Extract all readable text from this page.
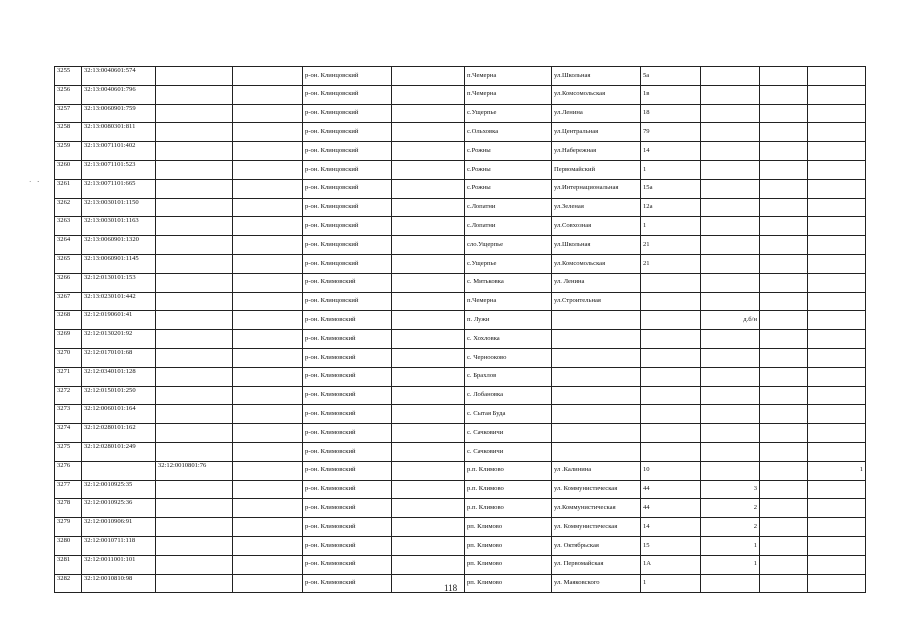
3255	32:13:0040601:574			р-он. Клинцовский		п.Чемерна	ул.Школьная	5а			
3256	32:13:0040601:796			р-он. Клинцовский		п.Чемерна	ул.Комсомольская	1в			
3257	32:13:0060901:759			р-он. Клинцовский		с.Ущерпье	ул.Ленина	18			
3258	32:13:0080301:811			р-он. Клинцовский		с.Ольховка	ул.Центральная	79			
3259	32:13:0071101:402			р-он. Клинцовский		с.Рожны	ул.Набережная	14			
3260	32:13:0071101:523			р-он. Клинцовский		с.Рожны	Первомайский	1			
3261	32:13:0071101:665			р-он. Клинцовский		с.Рожны	ул.Интернациональная	15а			
3262	32:13:0030101:1150			р-он. Клинцовский		с.Лопатни	ул.Зеленая	12а			
3263	32:13:0030101:1163			р-он. Клинцовский		с.Лопатни	ул.Совхозная	1			
3264	32:13:0060901:1320			р-он. Клинцовский		сло.Ущерпье	ул.Школьная	21			
3265	32:13:0060901:1145			р-он. Клинцовский		с.Ущерпье	ул.Комсомольская	21			
3266	32:12:0130101:153			р-он. Климовский		с. Митьковка	ул. Ленина				
3267	32:13:0230101:442			р-он. Клинцовский		п.Чемерна	ул.Строительная				
3268	32:12:0190601:41			р-он. Климовский		п. Лужи			д.б/н		
3269	32:12:0130201:92			р-он. Климовский		с. Хохловка					
3270	32:12:0170101:68			р-он. Климовский		с. Чернооково					
3271	32:12:0340101:128			р-он. Климовский		с. Брахлов					
3272	32:12:0150101:250			р-он. Климовский		с. Лобановка					
3273	32:12:0060101:164			р-он. Климовский		с. Сытая Буда					
3274	32:12:0280101:162			р-он. Климовский		с. Сачковичи					
3275	32:12:0280101:249			р-он. Климовский		с. Сачковичи					
3276		32:12:0010801:76		р-он. Климовский		р.п. Климово	ул .Калинина	10			1
3277	32:12:0010925:35			р-он. Климовский		р.п. Климово	ул. Коммунистическая	44	3		
3278	32:12:0010925:36			р-он. Климовский		р.п. Климово	ул.Коммунистическая	44	2		
3279	32:12:0010906:91			р-он. Климовский		рп. Климово	ул. Коммунистическая	14	2		
3280	32:12:0010711:118			р-он. Климовский		рп. Климово	ул. Октябрьская	15	1		
3281	32:12:0011001:101			р-он. Климовский		рп. Климово	ул. Первомайская	1А	1		
3282	32:12:0010810:98			р-он. Климовский		рп. Климово	ул. Маяковского	1			
118
· ․
